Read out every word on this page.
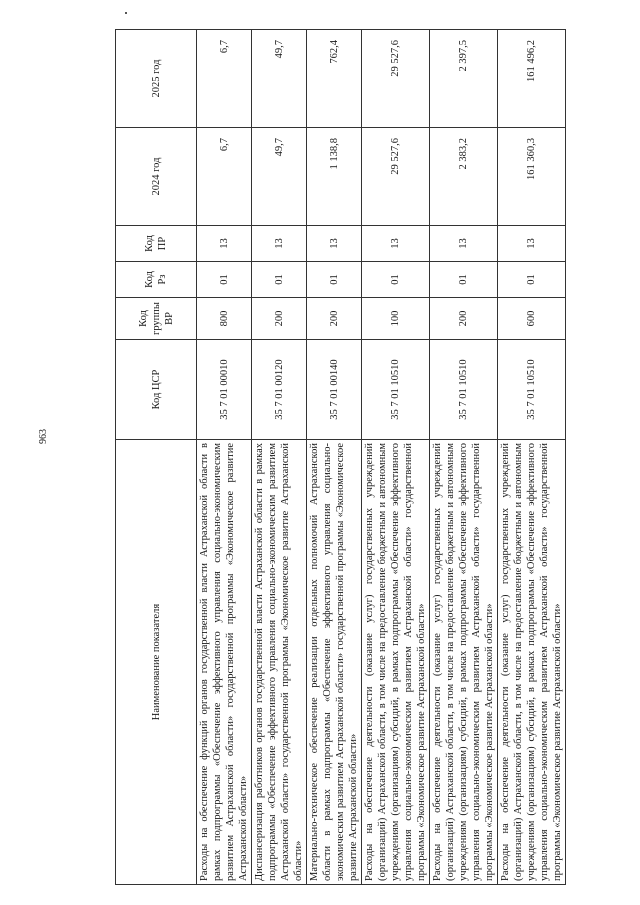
963
Наименование показателя	Код ЦСР	Код группы ВР	Код Рз	Код ПР	2024 год	2025 год
Расходы на обеспечение функций органов государственной власти Астраханской области в рамках подпрограммы «Обеспечение эффективного управления социально-экономическим развитием Астраханской области» государственной программы «Экономическое развитие Астраханской области»	35 7 01 00010	800	01	13	6,7	6,7
Диспансеризация работников органов государственной власти Астраханской области в рамках подпрограммы «Обеспечение эффективного управления социально-экономическим развитием Астраханской области» государственной программы «Экономическое развитие Астраханской области»	35 7 01 00120	200	01	13	49,7	49,7
Материально-техническое обеспечение реализации отдельных полномочий Астраханской области в рамках подпрограммы «Обеспечение эффективного управления социально-экономическим развитием Астраханской области» государственной программы «Экономическое развитие Астраханской области»	35 7 01 00140	200	01	13	1 138,8	762,4
Расходы на обеспечение деятельности (оказание услуг) государственных учреждений (организаций) Астраханской области, в том числе на предоставление бюджетным и автономным учреждениям (организациям) субсидий, в рамках подпрограммы «Обеспечение эффективного управления социально-экономическим развитием Астраханской области» государственной программы «Экономическое развитие Астраханской области»	35 7 01 10510	100	01	13	29 527,6	29 527,6
Расходы на обеспечение деятельности (оказание услуг) государственных учреждений (организаций) Астраханской области, в том числе на предоставление бюджетным и автономным учреждениям (организациям) субсидий, в рамках подпрограммы «Обеспечение эффективного управления социально-экономическим развитием Астраханской области» государственной программы «Экономическое развитие Астраханской области»	35 7 01 10510	200	01	13	2 383,2	2 397,5
Расходы на обеспечение деятельности (оказание услуг) государственных учреждений (организаций) Астраханской области, в том числе на предоставление бюджетным и автономным учреждениям (организациям) субсидий, в рамках подпрограммы «Обеспечение эффективного управления социально-экономическим развитием Астраханской области» государственной программы «Экономическое развитие Астраханской области»	35 7 01 10510	600	01	13	161 360,3	161 496,2
